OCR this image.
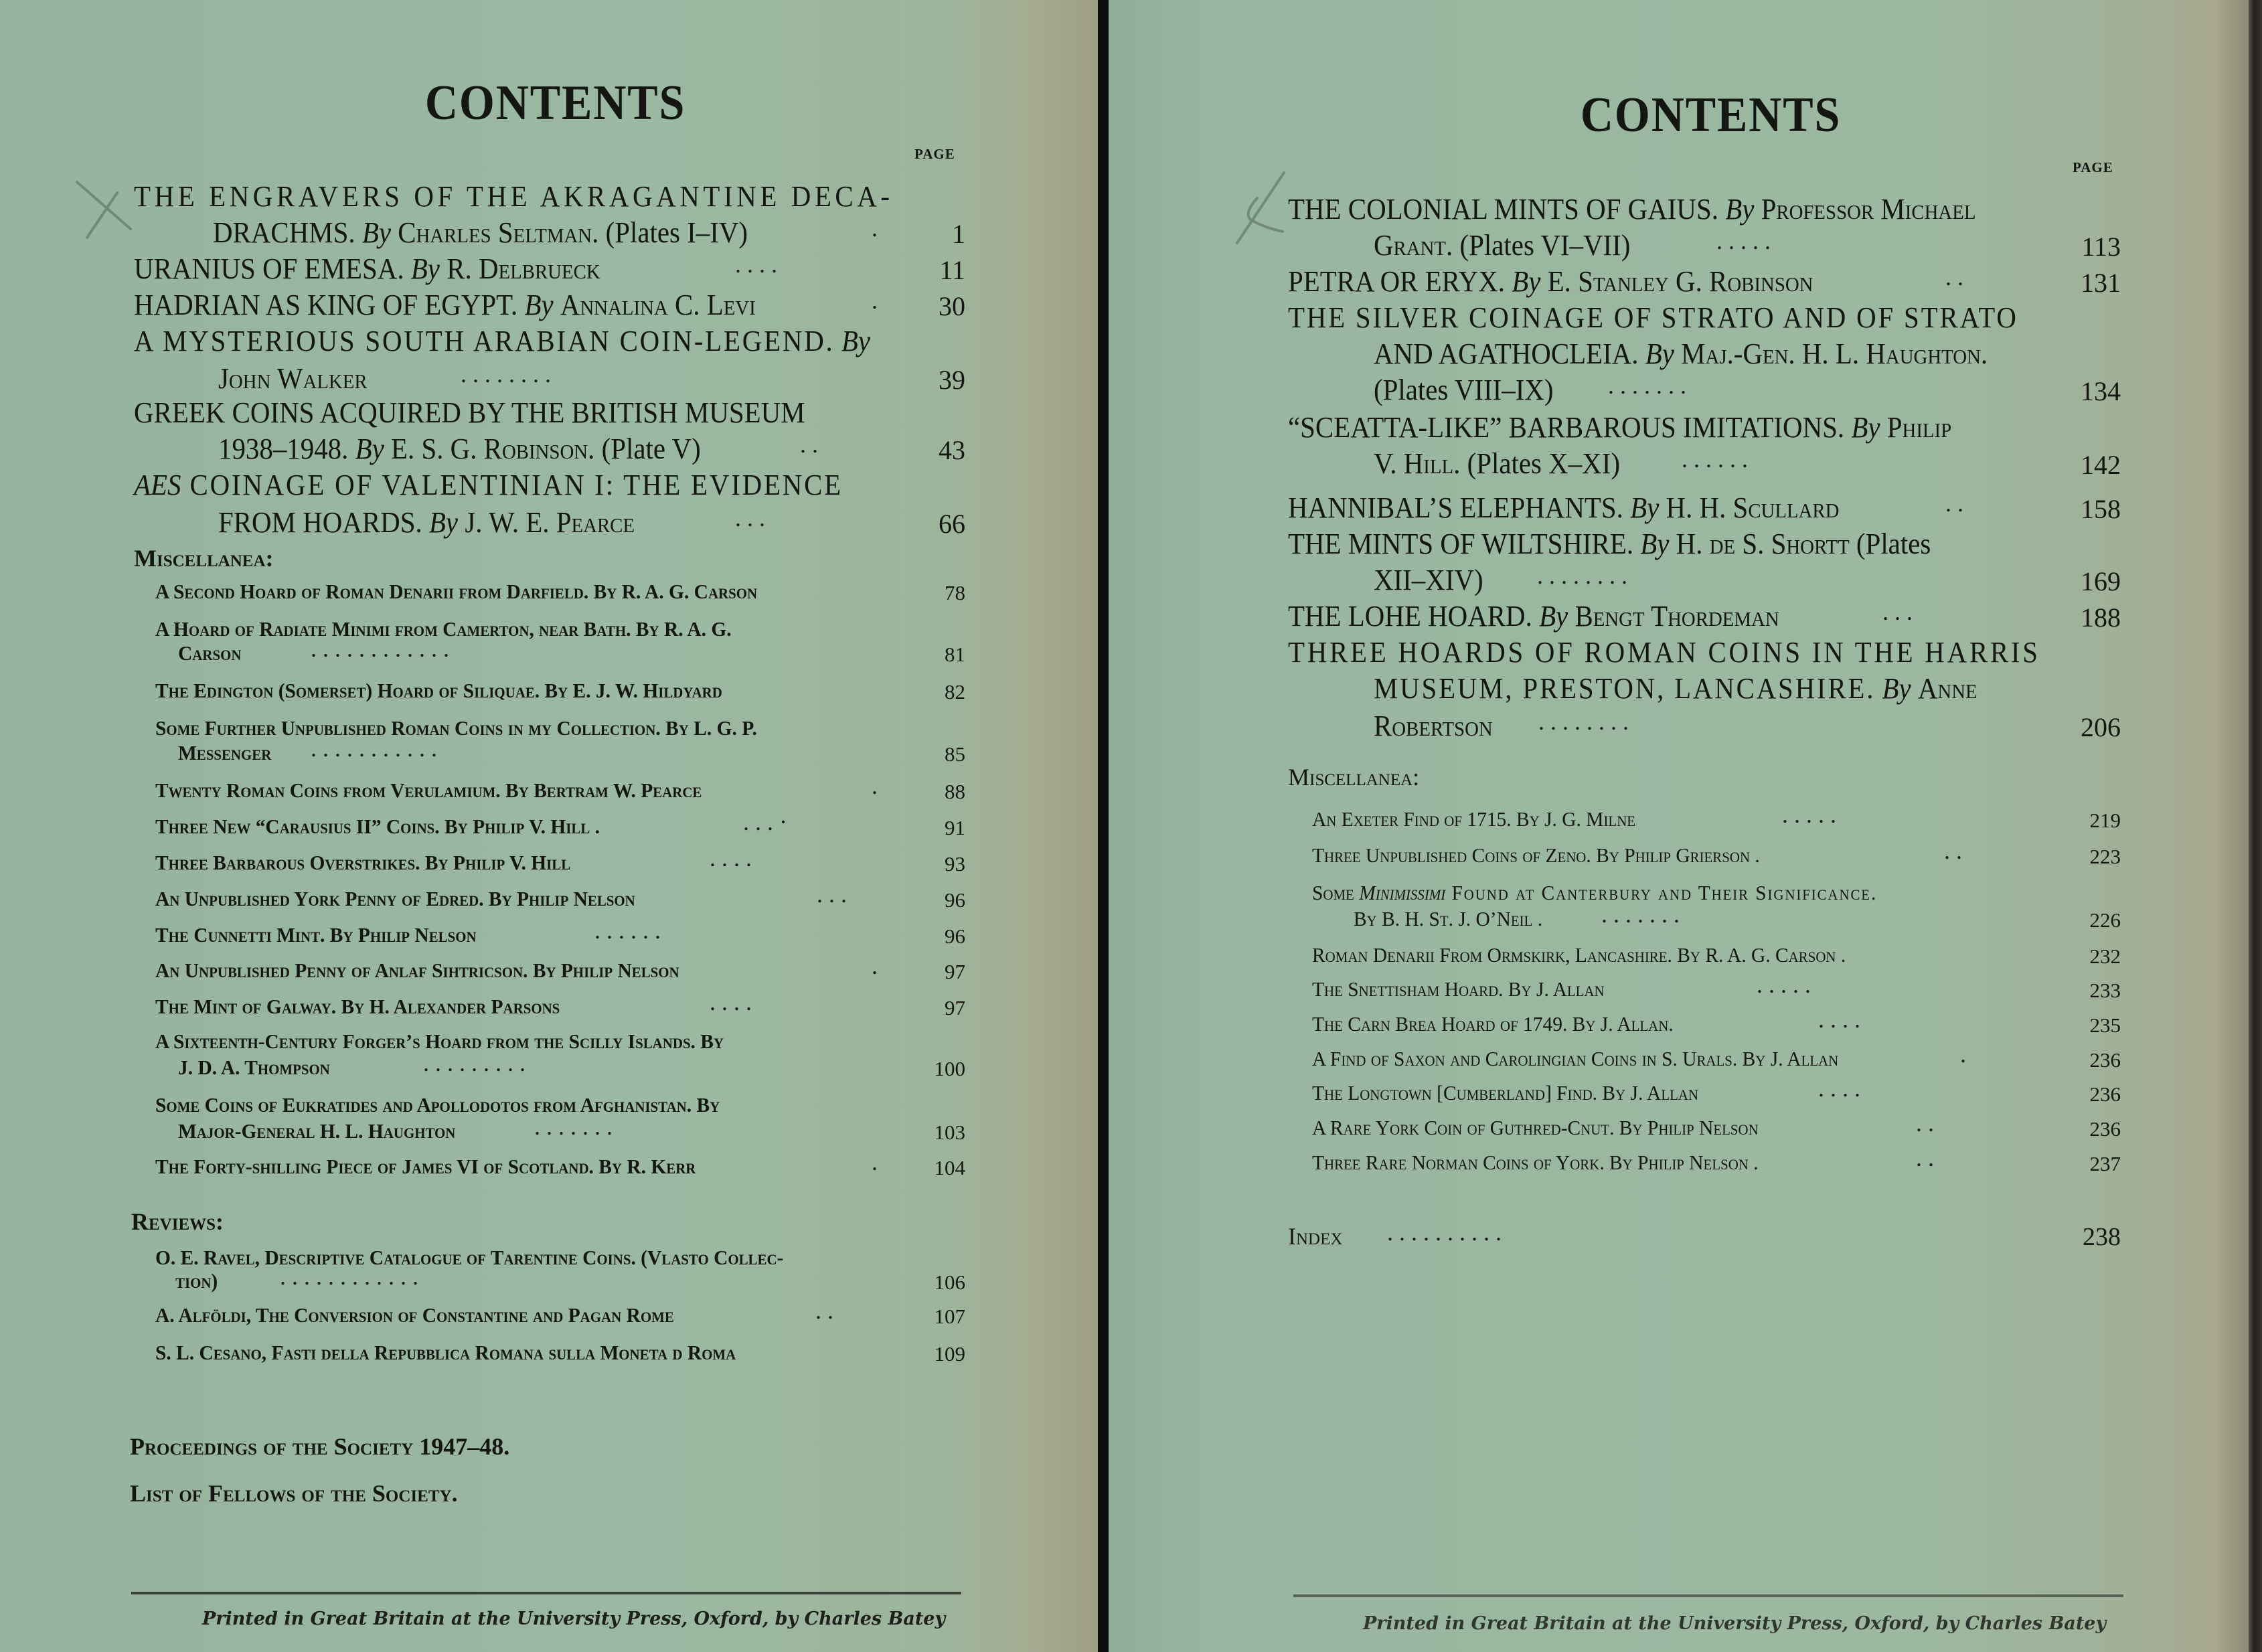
CONTENTS
PAGE
THE ENGRAVERS OF THE AKRAGANTINE DECA-
DRACHMS. By Charles Seltman. (Plates I–IV)	.	1
URANIUS OF EMESA. By R. Delbrueck	. . . .	11
HADRIAN AS KING OF EGYPT. By Annalina C. Levi	.	30
A MYSTERIOUS SOUTH ARABIAN COIN-LEGEND. By
John Walker	. . . . . . . .	39
GREEK COINS ACQUIRED BY THE BRITISH MUSEUM
1938–1948. By E. S. G. Robinson. (Plate V)	. .	43
AES COINAGE OF VALENTINIAN I: THE EVIDENCE
FROM HOARDS. By J. W. E. Pearce	. . .	66
Miscellanea:
A Second Hoard of Roman Denarii from Darfield. By R. A. G. Carson	78
A Hoard of Radiate Minimi from Camerton, near Bath. By R. A. G.
Carson	. . . . . . . . . . . .	81
The Edington (Somerset) Hoard of Siliquae. By E. J. W. Hildyard	82
Some Further Unpublished Roman Coins in my Collection. By L. G. P.
Messenger . . . . . . . . . . .	85
Twenty Roman Coins from Verulamium. By Bertram W. Pearce	.	88
Three New “Carausius II” Coins. By Philip V. Hill .	. . . ·	91
Three Barbarous Overstrikes. By Philip V. Hill	. . . .	93
An Unpublished York Penny of Edred. By Philip Nelson	. . .	96
The Cunnetti Mint. By Philip Nelson	. . . . . .	96
An Unpublished Penny of Anlaf Sihtricson. By Philip Nelson	.	97
The Mint of Galway. By H. Alexander Parsons	. . . .	97
A Sixteenth-Century Forger’s Hoard from the Scilly Islands. By
J. D. A. Thompson	. . . . . . . . .	100
Some Coins of Eukratides and Apollodotos from Afghanistan. By
Major-General H. L. Haughton	. . . . . . .	103
The Forty-shilling Piece of James VI of Scotland. By R. Kerr	.	104
Reviews:
O. E. Ravel, Descriptive Catalogue of Tarentine Coins. (Vlasto Collec-
tion)	. . . . . . . . . . . .	106
A. Alföldi, The Conversion of Constantine and Pagan Rome	. .	107
S. L. Cesano, Fasti della Repubblica Romana sulla Moneta d Roma	109
Proceedings of the Society 1947–48.
List of Fellows of the Society.
Printed in Great Britain at the University Press, Oxford, by Charles Batey
CONTENTS
PAGE
THE COLONIAL MINTS OF GAIUS. By Professor Michael
Grant. (Plates VI–VII)	. . . . .	113
PETRA OR ERYX. By E. Stanley G. Robinson	. .	131
THE SILVER COINAGE OF STRATO AND OF STRATO
AND AGATHOCLEIA. By Maj.-Gen. H. L. Haughton.
(Plates VIII–IX) . . . . . . .	134
“SCEATTA-LIKE” BARBAROUS IMITATIONS. By Philip
V. Hill. (Plates X–XI)	. . . . . .	142
HANNIBAL’S ELEPHANTS. By H. H. Scullard	. .	158
THE MINTS OF WILTSHIRE. By H. de S. Shortt (Plates
XII–XIV) . . . . . . . .	169
THE LOHE HOARD. By Bengt Thordeman	. . .	188
THREE HOARDS OF ROMAN COINS IN THE HARRIS
MUSEUM, PRESTON, LANCASHIRE. By Anne
Robertson . . . . . . . .	206
Miscellanea:
An Exeter Find of 1715. By J. G. Milne	. . . . .	219
Three Unpublished Coins of Zeno. By Philip Grierson .	. .	223
Some Minimissimi Found at Canterbury and Their Significance.
By B. H. St. J. O’Neil . . . . . . . .	226
Roman Denarii From Ormskirk, Lancashire. By R. A. G. Carson .	232
The Snettisham Hoard. By J. Allan	. . . . .	233
The Carn Brea Hoard of 1749. By J. Allan.	. . . .	235
A Find of Saxon and Carolingian Coins in S. Urals. By J. Allan	.	236
The Longtown [Cumberland] Find. By J. Allan	. . . .	236
A Rare York Coin of Guthred-Cnut. By Philip Nelson	. .	236
Three Rare Norman Coins of York. By Philip Nelson .	. .	237
Index . . . . . . . . . .	238
Printed in Great Britain at the University Press, Oxford, by Charles Batey
